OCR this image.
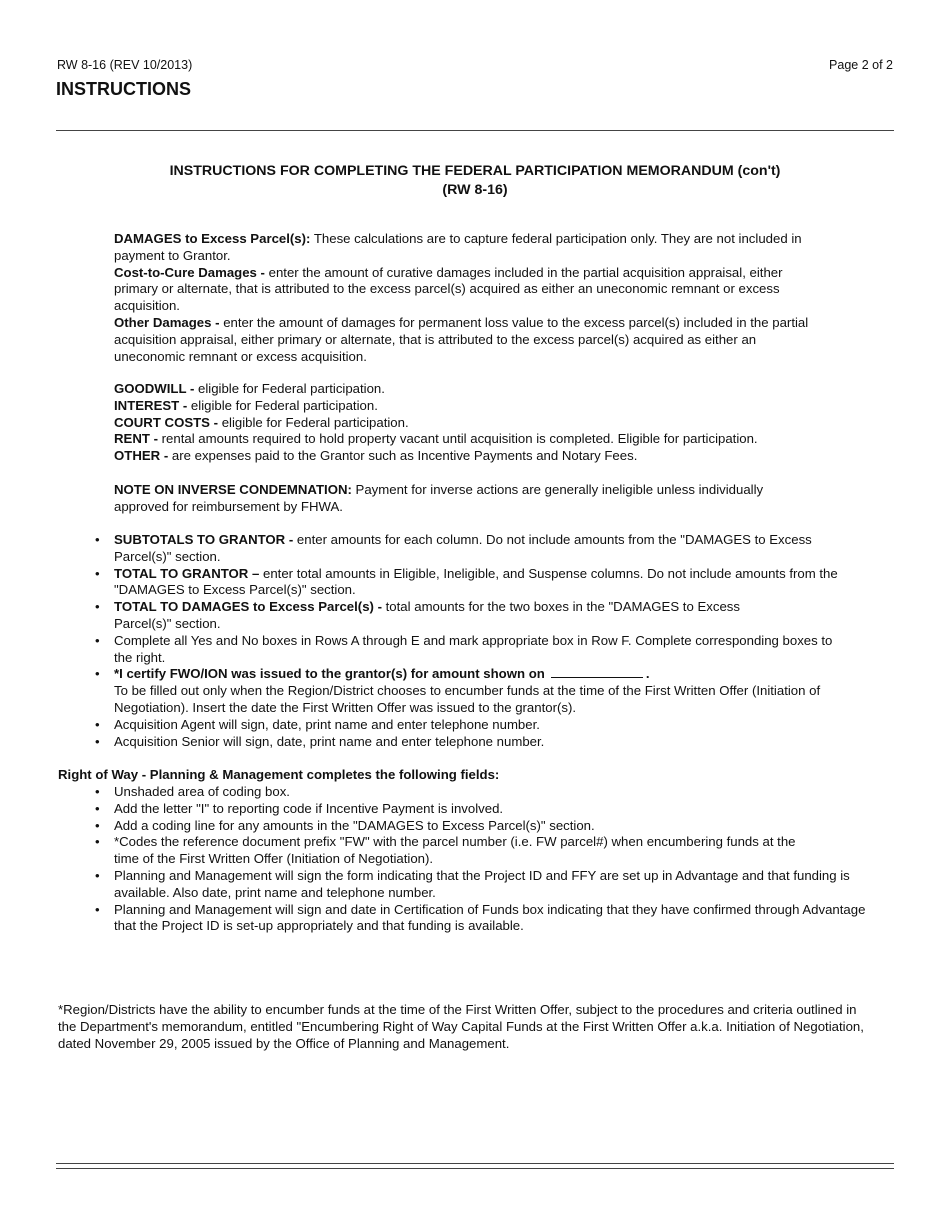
RW 8-16 (REV 10/2013)	Page 2 of 2
INSTRUCTIONS
INSTRUCTIONS FOR COMPLETING THE FEDERAL PARTICIPATION MEMORANDUM (con't)
(RW 8-16)

DAMAGES to Excess Parcel(s): These calculations are to capture federal participation only. They are not included in payment to Grantor.

Cost-to-Cure Damages - enter the amount of curative damages included in the partial acquisition appraisal, either primary or alternate, that is attributed to the excess parcel(s) acquired as either an uneconomic remnant or excess acquisition.

Other Damages - enter the amount of damages for permanent loss value to the excess parcel(s) included in the partial acquisition appraisal, either primary or alternate, that is attributed to the excess parcel(s) acquired as either an uneconomic remnant or excess acquisition.

GOODWILL - eligible for Federal participation.

INTEREST - eligible for Federal participation.

COURT COSTS - eligible for Federal participation.

RENT - rental amounts required to hold property vacant until acquisition is completed. Eligible for participation.

OTHER - are expenses paid to the Grantor such as Incentive Payments and Notary Fees.

NOTE ON INVERSE CONDEMNATION: Payment for inverse actions are generally ineligible unless individually approved for reimbursement by FHWA.

• SUBTOTALS TO GRANTOR - enter amounts for each column. Do not include amounts from the "DAMAGES to Excess Parcel(s)" section.
• TOTAL TO GRANTOR – enter total amounts in Eligible, Ineligible, and Suspense columns. Do not include amounts from the "DAMAGES to Excess Parcel(s)" section.
• TOTAL TO DAMAGES to Excess Parcel(s) - total amounts for the two boxes in the "DAMAGES to Excess Parcel(s)" section.
• Complete all Yes and No boxes in Rows A through E and mark appropriate box in Row F. Complete corresponding boxes to the right.
• *I certify FWO/ION was issued to the grantor(s) for amount shown on	.
To be filled out only when the Region/District chooses to encumber funds at the time of the First Written Offer (Initiation of Negotiation). Insert the date the First Written Offer was issued to the grantor(s).
• Acquisition Agent will sign, date, print name and enter telephone number.
• Acquisition Senior will sign, date, print name and enter telephone number.
Right of Way - Planning & Management completes the following fields:
• Unshaded area of coding box.
• Add the letter "I" to reporting code if Incentive Payment is involved.
• Add a coding line for any amounts in the "DAMAGES to Excess Parcel(s)" section.
• *Codes the reference document prefix "FW" with the parcel number (i.e. FW parcel#) when encumbering funds at the time of the First Written Offer (Initiation of Negotiation).
• Planning and Management will sign the form indicating that the Project ID and FFY are set up in Advantage and that funding is available. Also date, print name and telephone number.
• Planning and Management will sign and date in Certification of Funds box indicating that they have confirmed through Advantage that the Project ID is set-up appropriately and that funding is available.
*Region/Districts have the ability to encumber funds at the time of the First Written Offer, subject to the procedures and criteria outlined in the Department's memorandum, entitled "Encumbering Right of Way Capital Funds at the First Written Offer a.k.a. Initiation of Negotiation, dated November 29, 2005 issued by the Office of Planning and Management.
